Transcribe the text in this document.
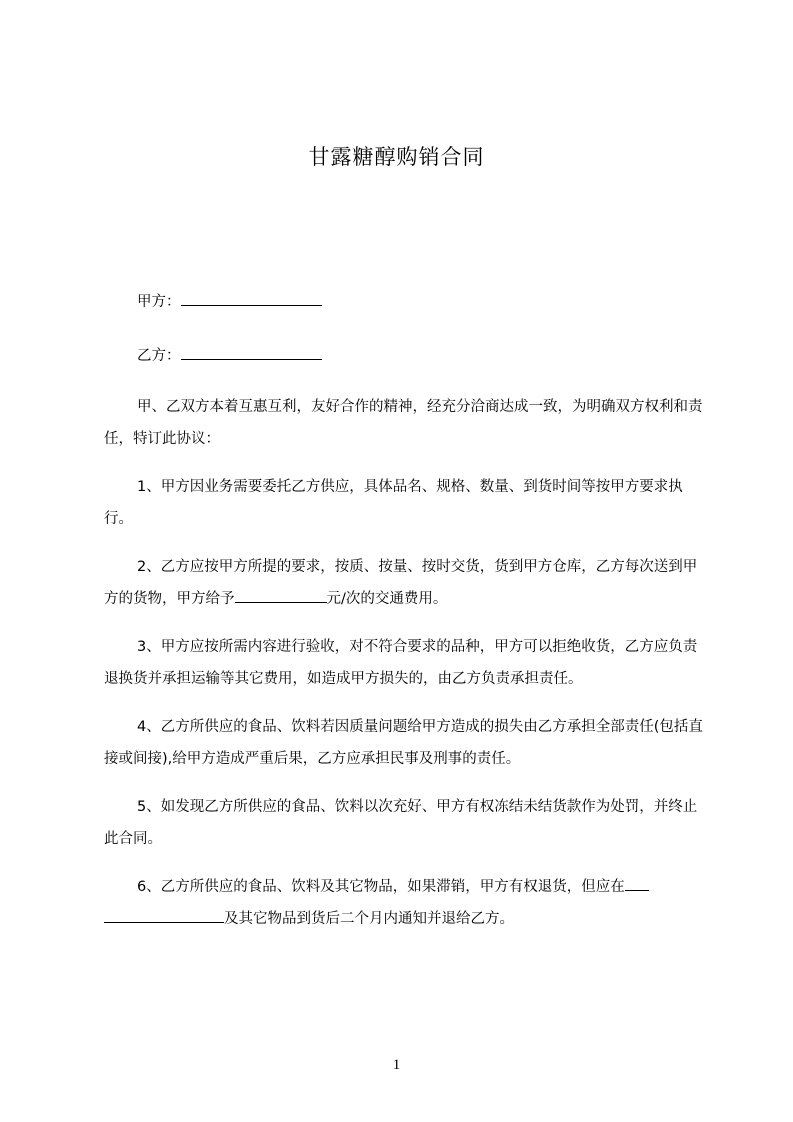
甘露糖醇购销合同
甲方：
乙方：

甲、乙双方本着互惠互利，友好合作的精神，经充分洽商达成一致，为明确双方权利和责任，特订此协议：

1、甲方因业务需要委托乙方供应，具体品名、规格、数量、到货时间等按甲方要求执行。

2、乙方应按甲方所提的要求，按质、按量、按时交货，货到甲方仓库，乙方每次送到甲方的货物，甲方给予	元/次的交通费用。

3、甲方应按所需内容进行验收，对不符合要求的品种，甲方可以拒绝收货，乙方应负责退换货并承担运输等其它费用，如造成甲方损失的，由乙方负责承担责任。

4、乙方所供应的食品、饮料若因质量问题给甲方造成的损失由乙方承担全部责任(包括直接或间接),给甲方造成严重后果，乙方应承担民事及刑事的责任。

5、如发现乙方所供应的食品、饮料以次充好、甲方有权冻结未结货款作为处罚，并终止此合同。

6、乙方所供应的食品、饮料及其它物品，如果滞销，甲方有权退货，但应在及其它物品到货后二个月内通知并退给乙方。

1
